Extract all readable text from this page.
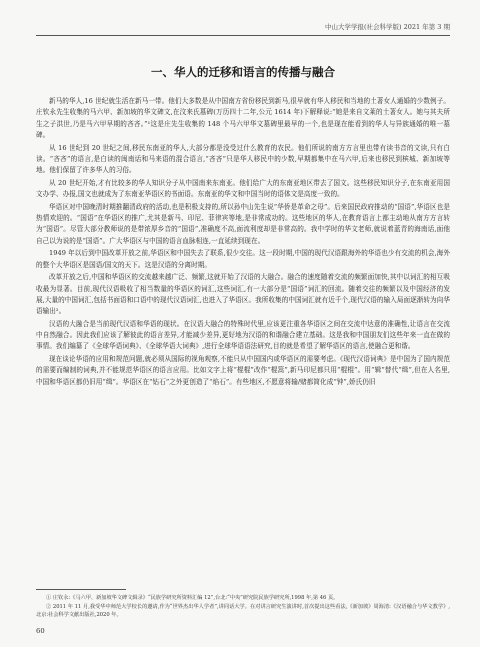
中山大学学报(社会科学版) 2021 年第 3 期
一、华人的迁移和语言的传播与融合

新马的华人,16 世纪就生活在新马一带。他们大多数是从中国南方省份移民到新马,很早就有华人移民和当地的土著女人通婚的少数例子。庄钦永先生收集的马六甲、新加坡的华文碑文,在汶来氏墓碑(万历四十二年,公元 1614 年)下解释说:“她是来自文莱的土著女人。她与其夫所生之子洪世,乃是马六甲早期的吝吝。”¹这是庄先生收集的 148 个马六甲华文墓碑里最早的一个,也是现在能看到的华人与异族通婚的唯一墓碑。

从 16 世纪到 20 世纪之间,移民东南亚的华人,大部分都是没受过什么教育的农民。他们所说的南方方言里也带有读书音的文读,只有白读。“吝吝”的语言,是白读的闽南话和马来语的混合语言,“吝吝”只是华人移民中的少数,早期都集中在马六甲,后来也移民到槟城、新加坡等地。他们保留了许多华人的习俗。

从 20 世纪开始,才有比较多的华人知识分子从中国南来东南亚。他们给广大的东南亚地区带去了国文。这些移民知识分子,在东南亚用国文办学、办报,国文也就成为了东南亚华语区的书面语。东南亚的华文和中国当时的语体文是高度一致的。

华语区对中国晚清时期推翻清政府的活动,也是积极支持的,所以孙中山先生说“华侨是革命之母”。后来国民政府推动的“国语”,华语区也是热情欢迎的。“国语”在华语区的推广,尤其是新马、印尼、菲律宾等地,是非常成功的。这些地区的华人,在教育语言上都主动地从南方方言转为“国语”。尽管大部分教师说的是带浓厚乡音的“国语”,准确度不高,面流利度却是非常高的。我中学时的华文老师,就说着蓝青的海南话,面他自己以为说的是“国语”。广大华语区与中国的语言血脉相连,一直延续到现在。

1949 年以后到中国改革开放之前,华语区和中国失去了联系,很少交往。这一段时期,中国的现代汉语跟海外的华语也少有交流的机会,海外的整个大华语区是国语/国文的天下。这是汉语的分离时期。

改革开放之后,中国和华语区的交流越来越广泛、频繁,这就开始了汉语的大融合。融合的速度随着交流的频繁面加快,其中以词汇的相互吸收最为显著。目前,现代汉语吸收了相当数量的华语区的词汇,这些词汇,有一大部分是“国语”词汇的回流。随着交往的频繁以及中国经济的发展,大量的中国词汇,包括书面语和口语中的现代汉语词汇,也进入了华语区。我所收集的中国词汇就有近千个,现代汉语的输入局面逐渐转为向华语输出²。

汉语的大融合是当前现代汉语和华语的现状。在汉语大融合的特殊时代里,应该更注重各华语区之间在交流中达意的准确性,让语言在交流中自然融合。因此我们应该了解彼此的语言差异,才能减少差异,更好地为汉语的和谐融合建立基础。这是我和中国朋友们这些年来一直在做的事情。我们编纂了《全球华语词典》、《全球华语大词典》,进行全球华语语法研究,目的就是希望了解华语区的语言,使融合更和谐。

现在谈论华语的应用和规范问题,就必须从国际的视角观察,不能只从中国国内或华语区的需要考虑。《现代汉语词典》是中国为了国内规范的需要而编制的词典,并不能规范华语区的语言应用。比如文字上将“棍棍”改作“棍篙”,新马印尼都只用“棍棍”。用“辑”替代“缉”,但在人名里,中国和华语区都仍旧用“缉”。华语区在“钻石”之外更创造了“焰石”。有些地区,不愿意将输/赌都简化成“钟”,娇氏仍旧

① 庄钦永:《马六甲、新加坡华文碑文辑录》“民族学研究所资料汇编 12”,台北:“中央”研究院民族学研究所,1998 年,第 46 页。

② 2011 年 11 月,我受华中师范大学校长的邀请,作为“世界杰出华人学者”,讲同话大学。在对讲言研究生演讲时,首次提出这些看法,《新加坡》周海清:《汉语融合与华文教学》,北京:社会科学文献出版社,2020 年。

60
